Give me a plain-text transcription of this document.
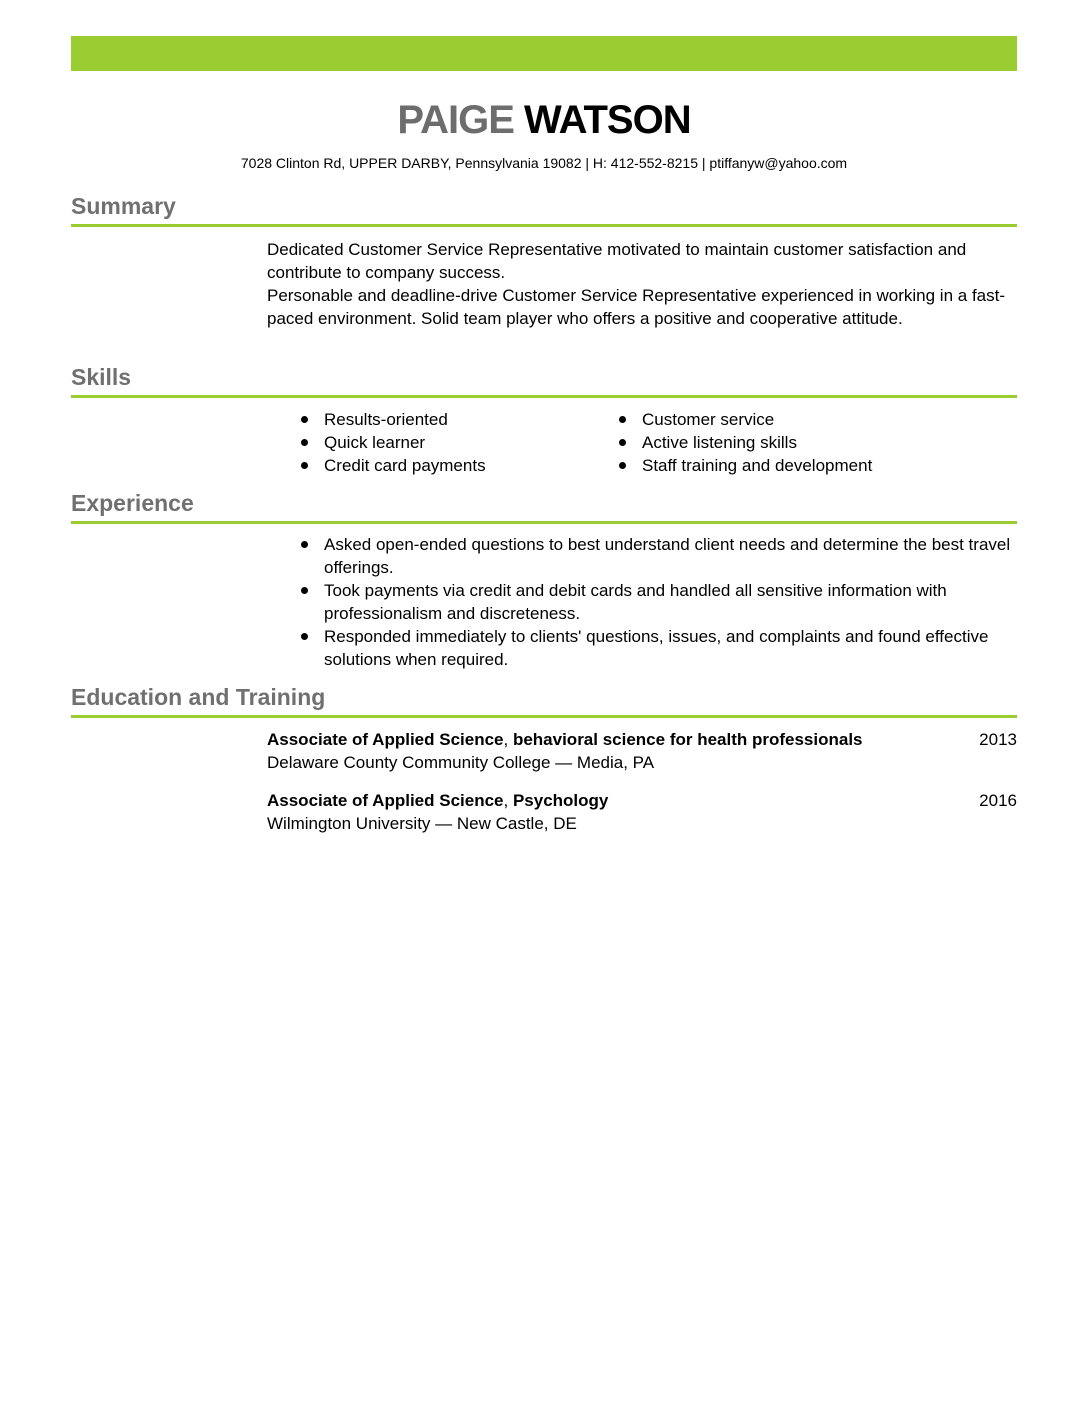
PAIGE WATSON
7028 Clinton Rd, UPPER DARBY, Pennsylvania 19082 | H: 412-552-8215 | ptiffanyw@yahoo.com
Summary
Dedicated Customer Service Representative motivated to maintain customer satisfaction and contribute to company success.
Personable and deadline-drive Customer Service Representative experienced in working in a fast-paced environment. Solid team player who offers a positive and cooperative attitude.
Skills
Results-oriented
Quick learner
Credit card payments
Customer service
Active listening skills
Staff training and development
Experience
Asked open-ended questions to best understand client needs and determine the best travel offerings.
Took payments via credit and debit cards and handled all sensitive information with professionalism and discreteness.
Responded immediately to clients' questions, issues, and complaints and found effective solutions when required.
Education and Training
Associate of Applied Science, behavioral science for health professionals	2013
Delaware County Community College — Media, PA
Associate of Applied Science, Psychology	2016
Wilmington University — New Castle, DE
